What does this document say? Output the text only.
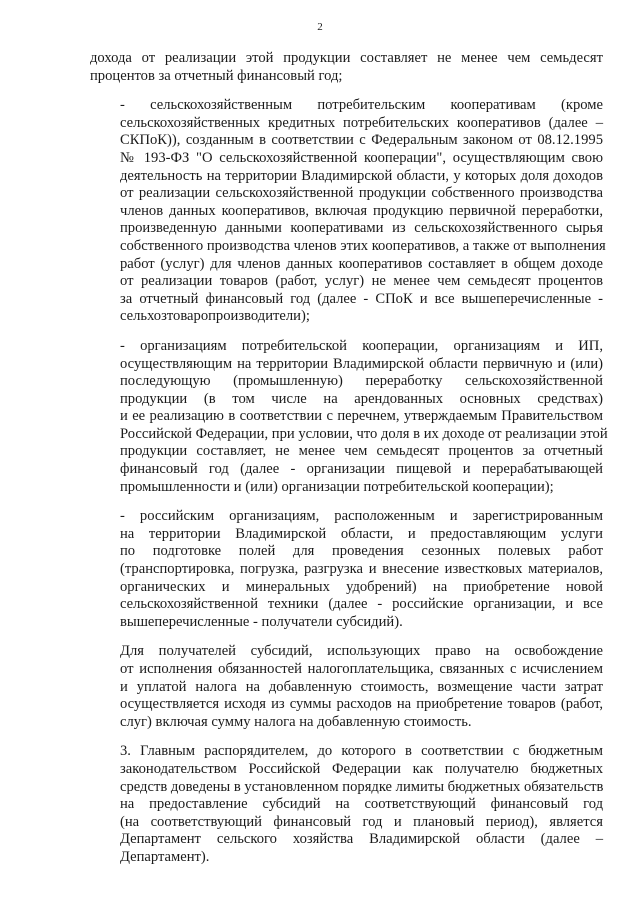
2

дохода от реализации этой продукции составляет не менее чем семьдесят
процентов за отчетный финансовый год;

- сельскохозяйственным потребительским кооперативам (кроме
сельскохозяйственных кредитных потребительских кооперативов (далее –
СКПоК)), созданным в соответствии с Федеральным законом от 08.12.1995
№ 193-ФЗ "О сельскохозяйственной кооперации", осуществляющим свою
деятельность на территории Владимирской области, у которых доля доходов
от реализации сельскохозяйственной продукции собственного производства
членов данных кооперативов, включая продукцию первичной переработки,
произведенную данными кооперативами из сельскохозяйственного сырья
собственного производства членов этих кооперативов, а также от выполнения
работ (услуг) для членов данных кооперативов составляет в общем доходе
от реализации товаров (работ, услуг) не менее чем семьдесят процентов
за отчетный финансовый год (далее - СПоК и все вышеперечисленные -
сельхозтоваропроизводители);

- организациям потребительской кооперации, организациям и ИП,
осуществляющим на территории Владимирской области первичную и (или)
последующую (промышленную) переработку сельскохозяйственной
продукции (в том числе на арендованных основных средствах)
и ее реализацию в соответствии с перечнем, утверждаемым Правительством
Российской Федерации, при условии, что доля в их доходе от реализации этой
продукции составляет, не менее чем семьдесят процентов за отчетный
финансовый год (далее - организации пищевой и перерабатывающей
промышленности и (или) организации потребительской кооперации);

- российским организациям, расположенным и зарегистрированным
на территории Владимирской области, и предоставляющим услуги
по подготовке полей для проведения сезонных полевых работ
(транспортировка, погрузка, разгрузка и внесение известковых материалов,
органических и минеральных удобрений) на приобретение новой
сельскохозяйственной техники (далее - российские организации, и все
вышеперечисленные - получатели субсидий).

Для получателей субсидий, использующих право на освобождение
от исполнения обязанностей налогоплательщика, связанных с исчислением
и уплатой налога на добавленную стоимость, возмещение части затрат
осуществляется исходя из суммы расходов на приобретение товаров (работ,
слуг) включая сумму налога на добавленную стоимость.

3. Главным распорядителем, до которого в соответствии с бюджетным
законодательством Российской Федерации как получателю бюджетных
средств доведены в установленном порядке лимиты бюджетных обязательств
на предоставление субсидий на соответствующий финансовый год
(на соответствующий финансовый год и плановый период), является
Департамент сельского хозяйства Владимирской области (далее –
Департамент).
